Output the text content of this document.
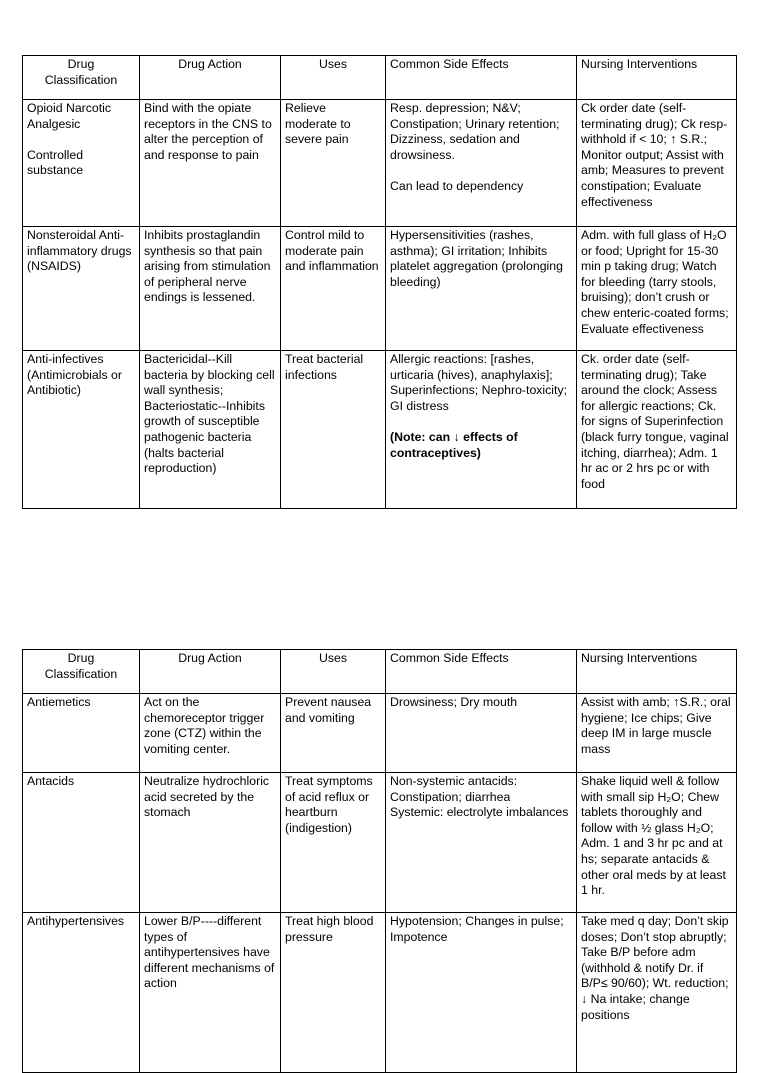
Drug
Classification	Drug Action	Uses	Common Side Effects	Nursing Interventions
Opioid Narcotic
Analgesic

Controlled
substance	Bind with the opiate receptors in the CNS to alter the perception of and response to pain	Relieve moderate to severe pain	Resp. depression; N&V; Constipation; Urinary retention; Dizziness, sedation and drowsiness.

Can lead to dependency	Ck order date (self-terminating drug); Ck resp-withhold if < 10; ↑ S.R.; Monitor output; Assist with amb; Measures to prevent constipation; Evaluate effectiveness
Nonsteroidal Anti-inflammatory drugs
(NSAIDS)	Inhibits prostaglandin synthesis so that pain arising from stimulation of peripheral nerve endings is lessened.	Control mild to moderate pain and inflammation	Hypersensitivities (rashes, asthma); GI irritation; Inhibits platelet aggregation (prolonging bleeding)	Adm. with full glass of H₂O or food; Upright for 15-30 min p taking drug; Watch for bleeding (tarry stools, bruising); don’t crush or chew enteric-coated forms; Evaluate effectiveness
Anti-infectives (Antimicrobials or Antibiotic)	Bactericidal--Kill bacteria by blocking cell wall synthesis; Bacteriostatic--Inhibits growth of susceptible pathogenic bacteria (halts bacterial reproduction)	Treat bacterial infections	Allergic reactions: [rashes, urticaria (hives), anaphylaxis]; Superinfections; Nephro-toxicity; GI distress
(Note: can ↓ effects of contraceptives)	Ck. order date (self-terminating drug); Take around the clock; Assess for allergic reactions; Ck. for signs of Superinfection (black furry tongue, vaginal itching, diarrhea); Adm. 1 hr ac or 2 hrs pc or with food
Drug
Classification	Drug Action	Uses	Common Side Effects	Nursing Interventions
Antiemetics	Act on the chemoreceptor trigger zone (CTZ) within the vomiting center.	Prevent nausea and vomiting	Drowsiness; Dry mouth	Assist with amb; ↑S.R.; oral hygiene; Ice chips; Give deep IM in large muscle mass
Antacids	Neutralize hydrochloric acid secreted by the stomach	Treat symptoms of acid reflux or heartburn (indigestion)	Non-systemic antacids: Constipation; diarrhea
Systemic: electrolyte imbalances	Shake liquid well & follow with small sip H₂O; Chew tablets thoroughly and follow with ½ glass H₂O; Adm. 1 and 3 hr pc and at hs; separate antacids & other oral meds by at least 1 hr.
Antihypertensives	Lower B/P----different types of antihypertensives have different mechanisms of action	Treat high blood pressure	Hypotension; Changes in pulse; Impotence	Take med q day; Don’t skip doses; Don’t stop abruptly; Take B/P before adm (withhold & notify Dr. if B/P≤ 90/60); Wt. reduction; ↓ Na intake; change positions
